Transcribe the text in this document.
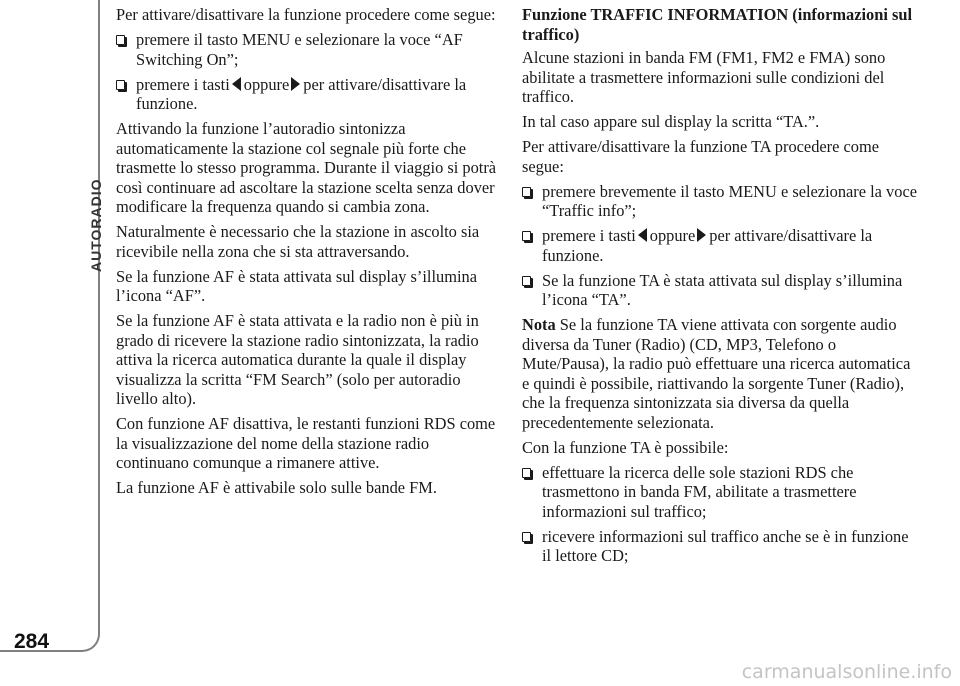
AUTORADIO
284

Per attivare/disattivare la funzione procedere come segue:

premere il tasto MENU e selezionare la voce “AF Switching On”;
premere i tasti oppure per attivare/disattivare la funzione.

Attivando la funzione l’autoradio sintonizza automaticamente la stazione col segnale più forte che trasmette lo stesso programma. Durante il viaggio si potrà così continuare ad ascoltare la stazione scelta senza dover modificare la frequenza quando si cambia zona.

Naturalmente è necessario che la stazione in ascolto sia ricevibile nella zona che si sta attraversando.

Se la funzione AF è stata attivata sul display s’illumina l’icona “AF”.

Se la funzione AF è stata attivata e la radio non è più in grado di ricevere la stazione radio sintonizzata, la radio attiva la ricerca automatica durante la quale il display visualizza la scritta “FM Search” (solo per autoradio livello alto).

Con funzione AF disattiva, le restanti funzioni RDS come la visualizzazione del nome della stazione radio continuano comunque a rimanere attive.

La funzione AF è attivabile solo sulle bande FM.

Funzione TRAFFIC INFORMATION (informazioni sul traffico)

Alcune stazioni in banda FM (FM1, FM2 e FMA) sono abilitate a trasmettere informazioni sulle condizioni del traffico.

In tal caso appare sul display la scritta “TA.”.

Per attivare/disattivare la funzione TA procedere come segue:

premere brevemente il tasto MENU e selezionare la voce “Traffic info”;
premere i tasti oppure per attivare/disattivare la funzione.
Se la funzione TA è stata attivata sul display s’illumina l’icona “TA”.

Nota Se la funzione TA viene attivata con sorgente audio diversa da Tuner (Radio) (CD, MP3, Telefono o Mute/Pausa), la radio può effettuare una ricerca automatica e quindi è possibile, riattivando la sorgente Tuner (Radio), che la frequenza sintonizzata sia diversa da quella precedentemente selezionata.

Con la funzione TA è possibile:

effettuare la ricerca delle sole stazioni RDS che trasmettono in banda FM, abilitate a trasmettere informazioni sul traffico;
ricevere informazioni sul traffico anche se è in funzione il lettore CD;
carmanualsonline.info
